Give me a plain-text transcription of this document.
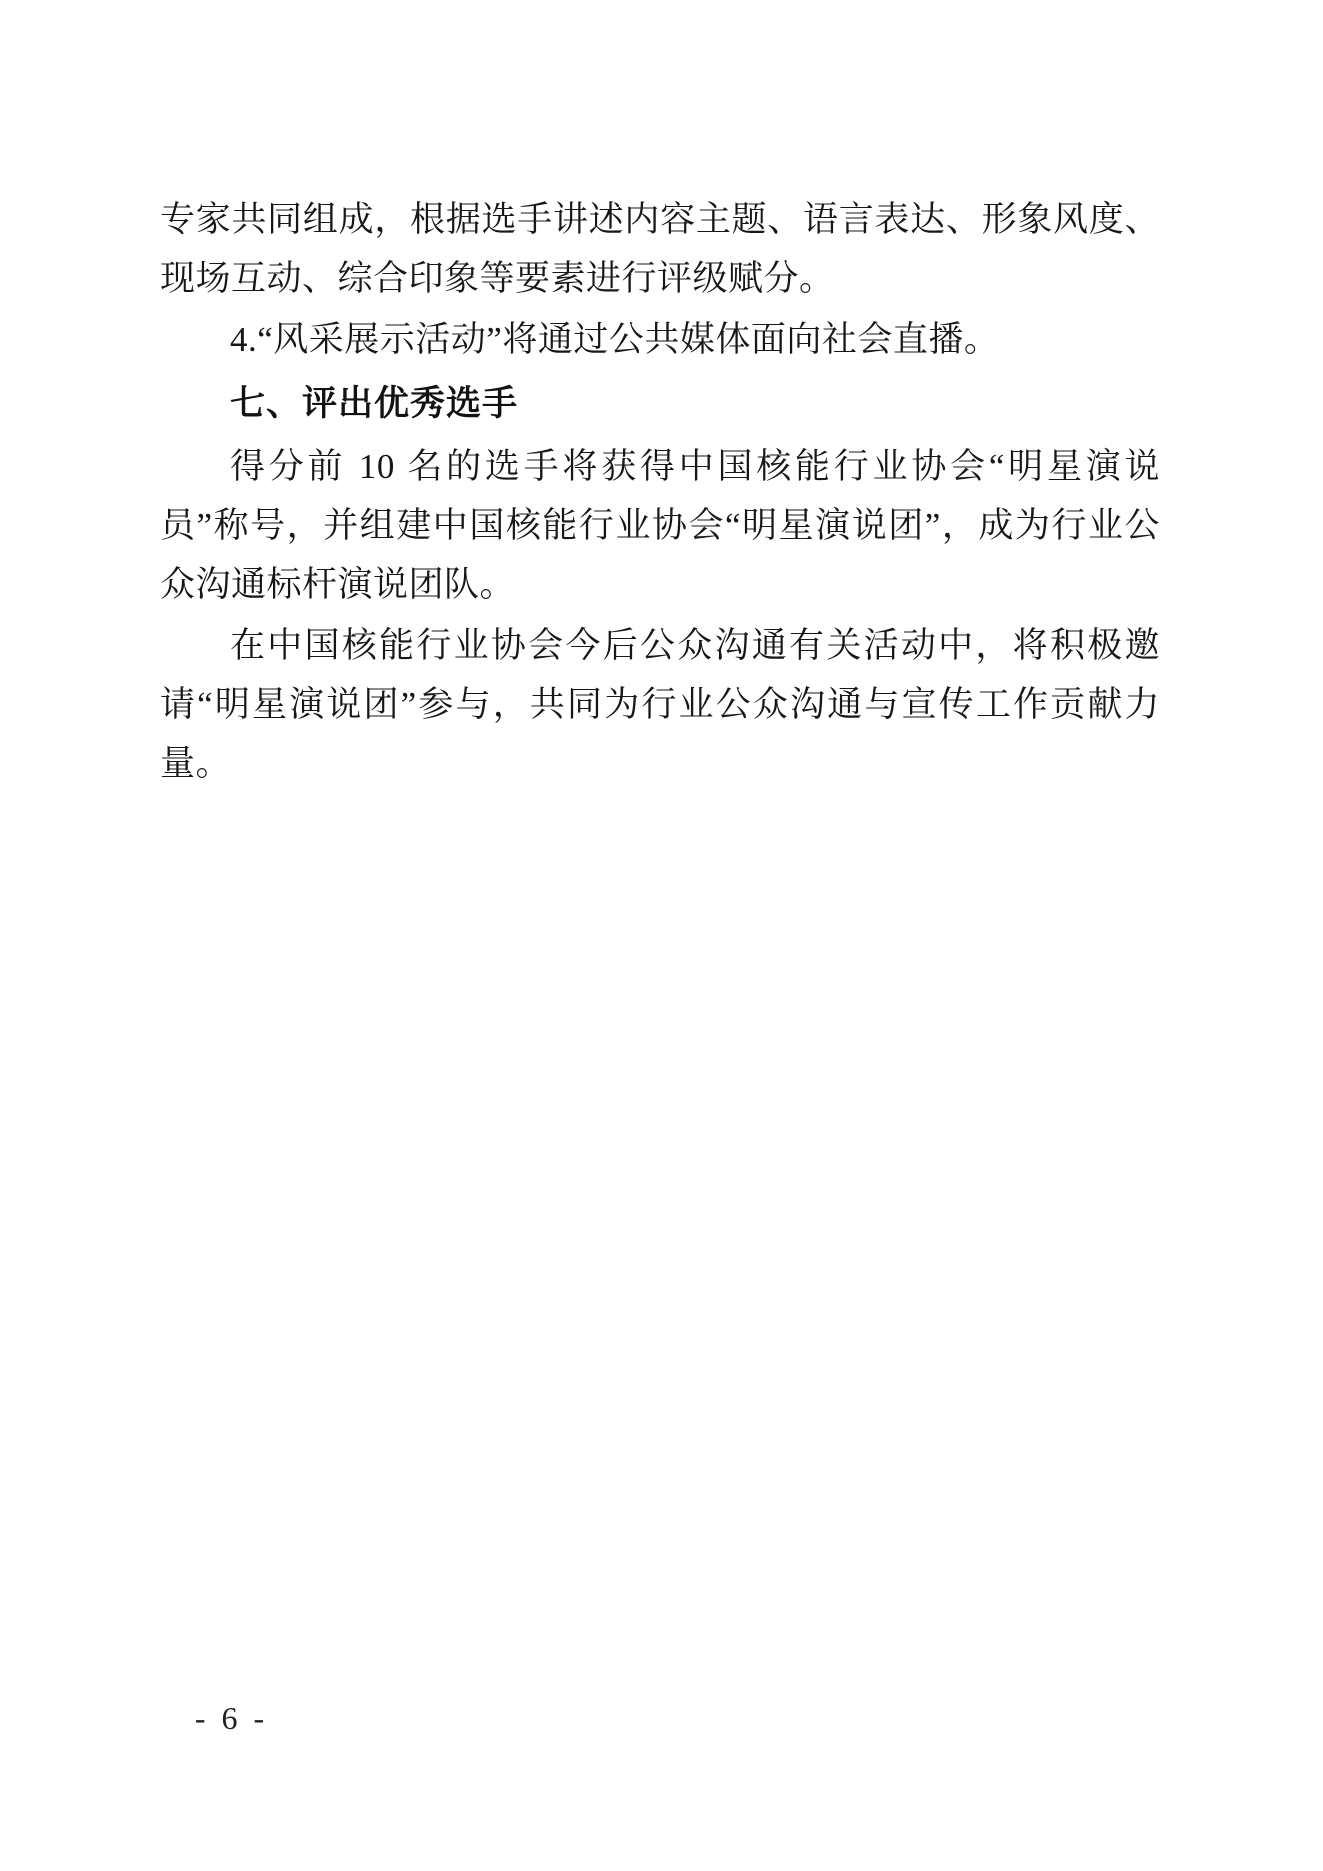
专家共同组成，根据选手讲述内容主题、语言表达、形象风度、现场互动、综合印象等要素进行评级赋分。

4.“风采展示活动”将通过公共媒体面向社会直播。

七、评出优秀选手

得分前 10 名的选手将获得中国核能行业协会“明星演说员”称号，并组建中国核能行业协会“明星演说团”，成为行业公众沟通标杆演说团队。

在中国核能行业协会今后公众沟通有关活动中，将积极邀请“明星演说团”参与，共同为行业公众沟通与宣传工作贡献力量。

- 6 -
